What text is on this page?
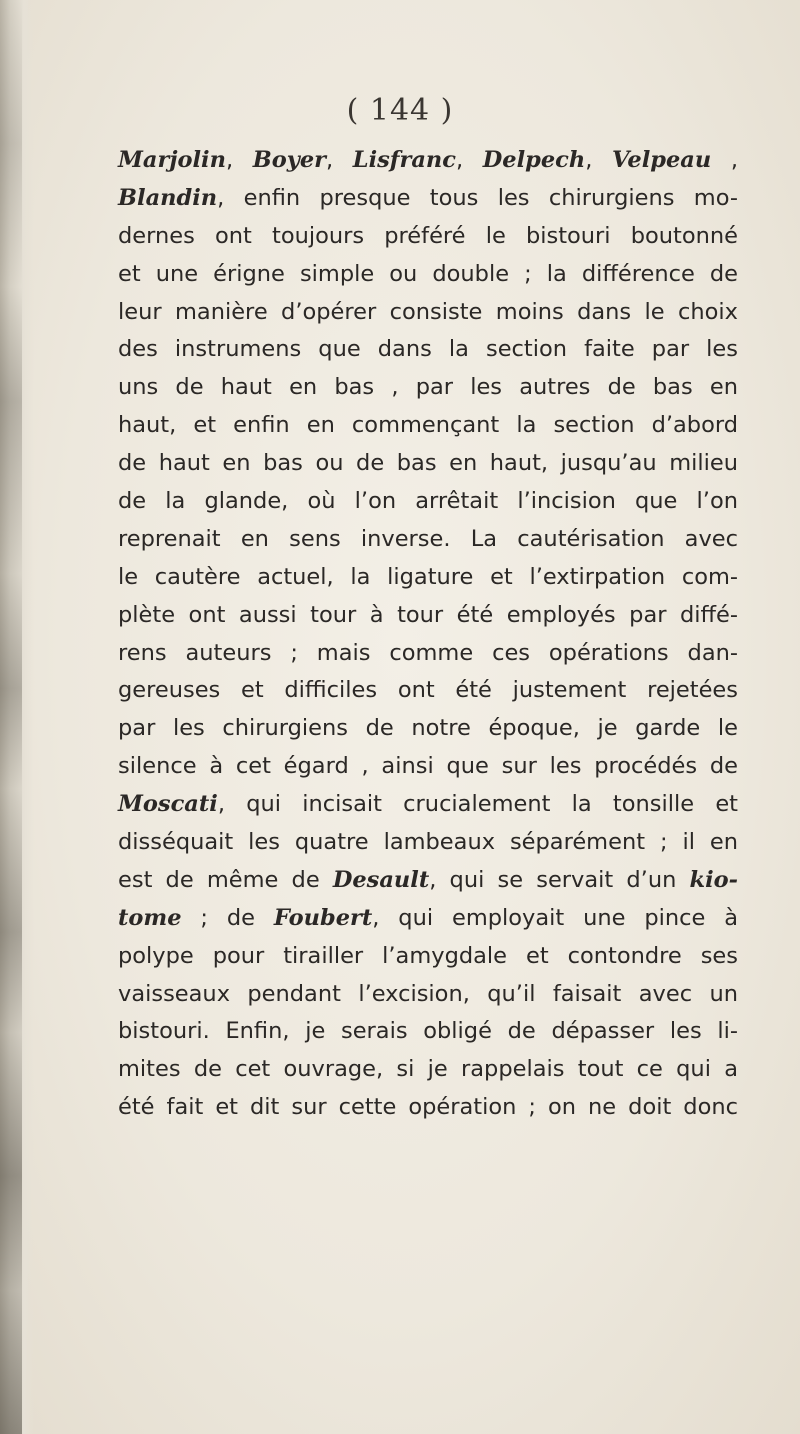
( 144 )
Marjolin, Boyer, Lisfranc, Delpech, Velpeau ,
Blandin, enfin presque tous les chirurgiens mo-
dernes ont toujours préféré le bistouri boutonné
et une érigne simple ou double ; la différence de
leur manière d’opérer consiste moins dans le choix
des instrumens que dans la section faite par les
uns de haut en bas , par les autres de bas en
haut, et enfin en commençant la section d’abord
de haut en bas ou de bas en haut, jusqu’au milieu
de la glande, où l’on arrêtait l’incision que l’on
reprenait en sens inverse. La cautérisation avec
le cautère actuel, la ligature et l’extirpation com-
plète ont aussi tour à tour été employés par diffé-
rens auteurs ; mais comme ces opérations dan-
gereuses et difficiles ont été justement rejetées
par les chirurgiens de notre époque, je garde le
silence à cet égard , ainsi que sur les procédés de
Moscati, qui incisait crucialement la tonsille et
disséquait les quatre lambeaux séparément ; il en
est de même de Desault, qui se servait d’un kio-
tome ; de Foubert, qui employait une pince à
polype pour tirailler l’amygdale et contondre ses
vaisseaux pendant l’excision, qu’il faisait avec un
bistouri. Enfin, je serais obligé de dépasser les li-
mites de cet ouvrage, si je rappelais tout ce qui a
été fait et dit sur cette opération ; on ne doit donc
